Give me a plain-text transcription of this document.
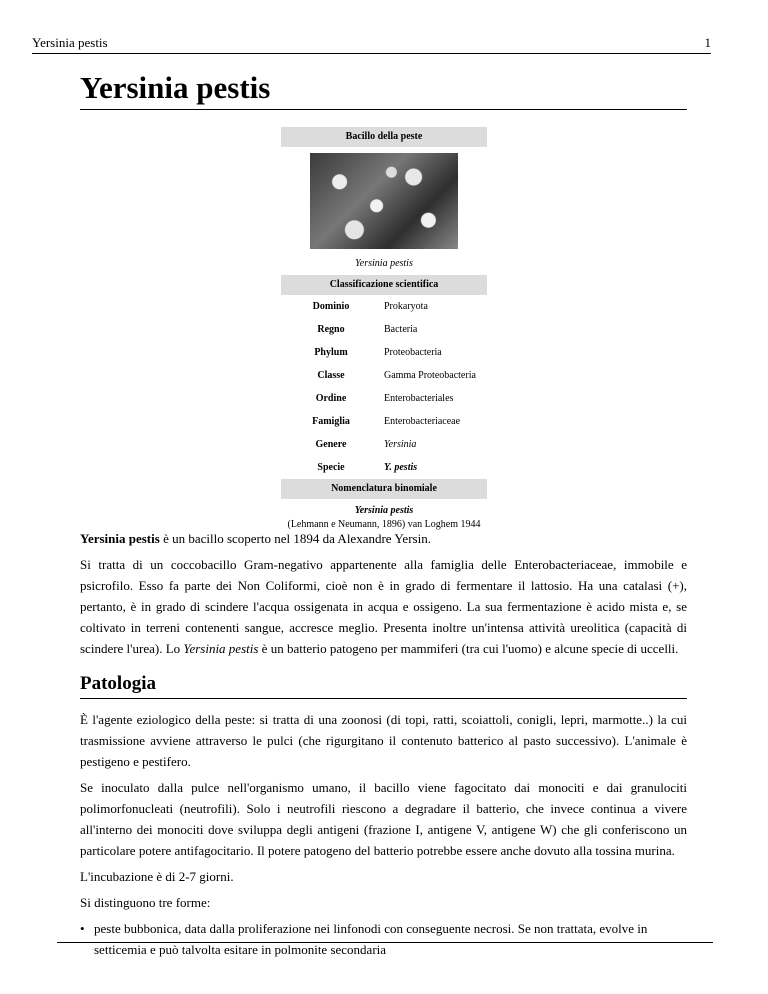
Yersinia pestis	1
Yersinia pestis
Bacillo della peste
Yersinia pestis
Classificazione scientifica
Dominio	Prokaryota
Regno	Bacteria
Phylum	Proteobacteria
Classe	Gamma Proteobacteria
Ordine	Enterobacteriales
Famiglia	Enterobacteriaceae
Genere	Yersinia
Specie	Y. pestis
Nomenclatura binomiale
Yersinia pestis
(Lehmann e Neumann, 1896) van Loghem 1944

Yersinia pestis è un bacillo scoperto nel 1894 da Alexandre Yersin.

Si tratta di un coccobacillo Gram-negativo appartenente alla famiglia delle Enterobacteriaceae, immobile e psicrofilo. Esso fa parte dei Non Coliformi, cioè non è in grado di fermentare il lattosio. Ha una catalasi (+), pertanto, è in grado di scindere l'acqua ossigenata in acqua e ossigeno. La sua fermentazione è acido mista e, se coltivato in terreni contenenti sangue, accresce meglio. Presenta inoltre un'intensa attività ureolitica (capacità di scindere l'urea). Lo Yersinia pestis è un batterio patogeno per mammiferi (tra cui l'uomo) e alcune specie di uccelli.

Patologia

È l'agente eziologico della peste: si tratta di una zoonosi (di topi, ratti, scoiattoli, conigli, lepri, marmotte..) la cui trasmissione avviene attraverso le pulci (che rigurgitano il contenuto batterico al pasto successivo). L'animale è pestigeno e pestifero.

Se inoculato dalla pulce nell'organismo umano, il bacillo viene fagocitato dai monociti e dai granulociti polimorfonucleati (neutrofili). Solo i neutrofili riescono a degradare il batterio, che invece continua a vivere all'interno dei monociti dove sviluppa degli antigeni (frazione I, antigene V, antigene W) che gli conferiscono un particolare potere antifagocitario. Il potere patogeno del batterio potrebbe essere anche dovuto alla tossina murina.

L'incubazione è di 2-7 giorni.

Si distinguono tre forme:

• peste bubbonica, data dalla proliferazione nei linfonodi con conseguente necrosi. Se non trattata, evolve in setticemia e può talvolta esitare in polmonite secondaria
